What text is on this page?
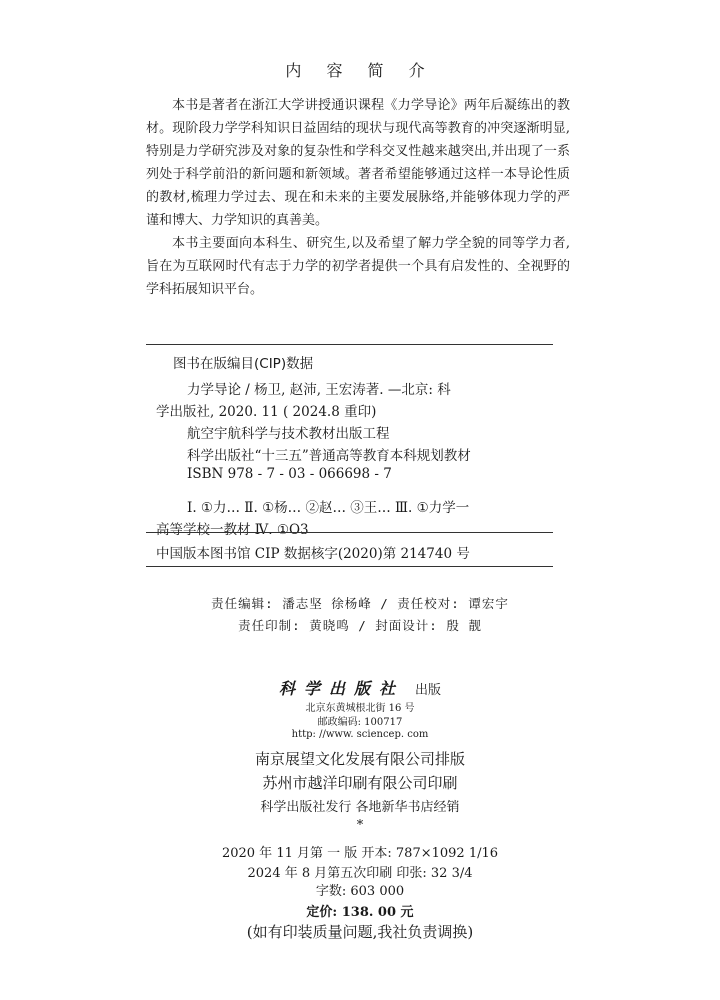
内 容 简 介

本书是著者在浙江大学讲授通识课程《力学导论》两年后凝练出的教材。现阶段力学学科知识日益固结的现状与现代高等教育的冲突逐渐明显,特别是力学研究涉及对象的复杂性和学科交叉性越来越突出,并出现了一系列处于科学前沿的新问题和新领域。著者希望能够通过这样一本导论性质的教材,梳理力学过去、现在和未来的主要发展脉络,并能够体现力学的严谨和博大、力学知识的真善美。

本书主要面向本科生、研究生,以及希望了解力学全貌的同等学力者,旨在为互联网时代有志于力学的初学者提供一个具有启发性的、全视野的学科拓展知识平台。

图书在版编目(CIP)数据
力学导论 / 杨卫, 赵沛, 王宏涛著. —北京: 科
学出版社, 2020. 11 ( 2024.8 重印)
航空宇航科学与技术教材出版工程
科学出版社“十三五”普通高等教育本科规划教材
ISBN 978 - 7 - 03 - 066698 - 7
Ⅰ. ①力… Ⅱ. ①杨… ②赵… ③王… Ⅲ. ①力学一
高等学校一教材 Ⅳ. ①O3
中国版本图书馆 CIP 数据核字(2020)第 214740 号
责任编辑: 潘志坚 徐杨峰 / 责任校对: 谭宏宇
责任印制: 黄晓鸣 / 封面设计: 殷 靓
科学出版社 出版
北京东黄城根北街 16 号
邮政编码: 100717
http: //www. sciencep. com
南京展望文化发展有限公司排版
苏州市越洋印刷有限公司印刷
科学出版社发行 各地新华书店经销
*
2020 年 11 月第 一 版 开本: 787×1092 1/16
2024 年 8 月第五次印刷 印张: 32 3/4
字数: 603 000
定价: 138. 00 元
(如有印装质量问题,我社负责调换)
